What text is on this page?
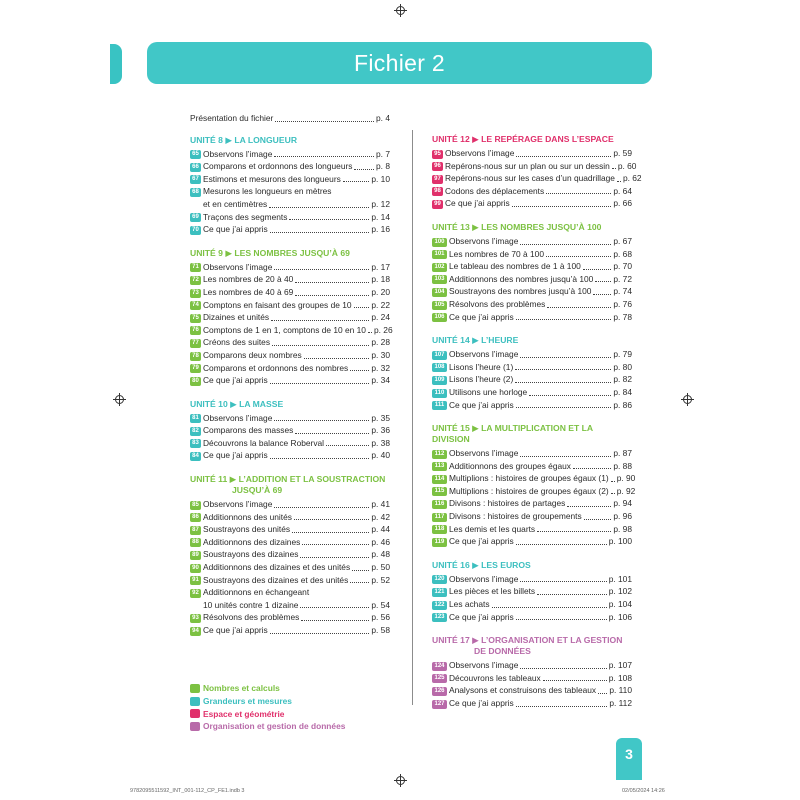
Fichier 2
Présentation du fichier	p. 4
UNITÉ 8 ▶ LA LONGUEUR
65 Observons l’image	p. 7
66 Comparons et ordonnons des longueurs	p. 8
67 Estimons et mesurons des longueurs	p. 10
68 Mesurons les longueurs en mètres
et en centimètres	p. 12
69 Traçons des segments	p. 14
70 Ce que j’ai appris	p. 16
UNITÉ 9 ▶ LES NOMBRES JUSQU’À 69
71 Observons l’image	p. 17
72 Les nombres de 20 à 40	p. 18
73 Les nombres de 40 à 69	p. 20
74 Comptons en faisant des groupes de 10 p. 22
75 Dizaines et unités	p. 24
76 Comptons de 1 en 1, comptons de 10 en 10 p. 26
77 Créons des suites	p. 28
78 Comparons deux nombres	p. 30
79 Comparons et ordonnons des nombres	p. 32
80 Ce que j’ai appris	p. 34
UNITÉ 10 ▶ LA MASSE
81 Observons l’image	p. 35
82 Comparons des masses	p. 36
83 Découvrons la balance Roberval	p. 38
84 Ce que j’ai appris	p. 40
UNITÉ 11 ▶ L’ADDITION ET LA SOUSTRACTION
JUSQU’À 69
85 Observons l’image	p. 41
86 Additionnons des unités	p. 42
87 Soustrayons des unités	p. 44
88 Additionnons des dizaines	p. 46
89 Soustrayons des dizaines	p. 48
90 Additionnons des dizaines et des unités	p. 50
91 Soustrayons des dizaines et des unités	p. 52
92 Additionnons en échangeant
10 unités contre 1 dizaine	p. 54
93 Résolvons des problèmes	p. 56
94 Ce que j’ai appris	p. 58
UNITÉ 12 ▶ LE REPÉRAGE DANS L’ESPACE
95 Observons l’image	p. 59
96 Repérons-nous sur un plan ou sur un dessin p. 60
97 Repérons-nous sur les cases d’un quadrillage p. 62
98 Codons des déplacements	p. 64
99 Ce que j’ai appris	p. 66
UNITÉ 13 ▶ LES NOMBRES JUSQU’À 100
100 Observons l’image	p. 67
101 Les nombres de 70 à 100	p. 68
102 Le tableau des nombres de 1 à 100	p. 70
103 Additionnons des nombres jusqu’à 100 p. 72
104 Soustrayons des nombres jusqu’à 100	p. 74
105 Résolvons des problèmes	p. 76
106 Ce que j’ai appris	p. 78
UNITÉ 14 ▶ L’HEURE
107 Observons l’image	p. 79
108 Lisons l’heure (1)	p. 80
109 Lisons l’heure (2)	p. 82
110 Utilisons une horloge	p. 84
111 Ce que j’ai appris	p. 86
UNITÉ 15 ▶ LA MULTIPLICATION ET LA DIVISION
112 Observons l’image	p. 87
113 Additionnons des groupes égaux	p. 88
114 Multiplions : histoires de groupes égaux (1) p. 90
115 Multiplions : histoires de groupes égaux (2) p. 92
116 Divisons : histoires de partages	p. 94
117 Divisons : histoires de groupements	p. 96
118 Les demis et les quarts	p. 98
119 Ce que j’ai appris	p. 100
UNITÉ 16 ▶ LES EUROS
120 Observons l’image	p. 101
121 Les pièces et les billets	p. 102
122 Les achats	p. 104
123 Ce que j’ai appris	p. 106
UNITÉ 17 ▶ L’ORGANISATION ET LA GESTION
DE DONNÉES
124 Observons l’image	p. 107
125 Découvrons les tableaux	p. 108
126 Analysons et construisons des tableaux p. 110
127 Ce que j’ai appris	p. 112
Nombres et calculs
Grandeurs et mesures
Espace et géométrie
Organisation et gestion de données
3
9782095511592_INT_001-112_CP_FE1.indb 3	02/05/2024 14:26
